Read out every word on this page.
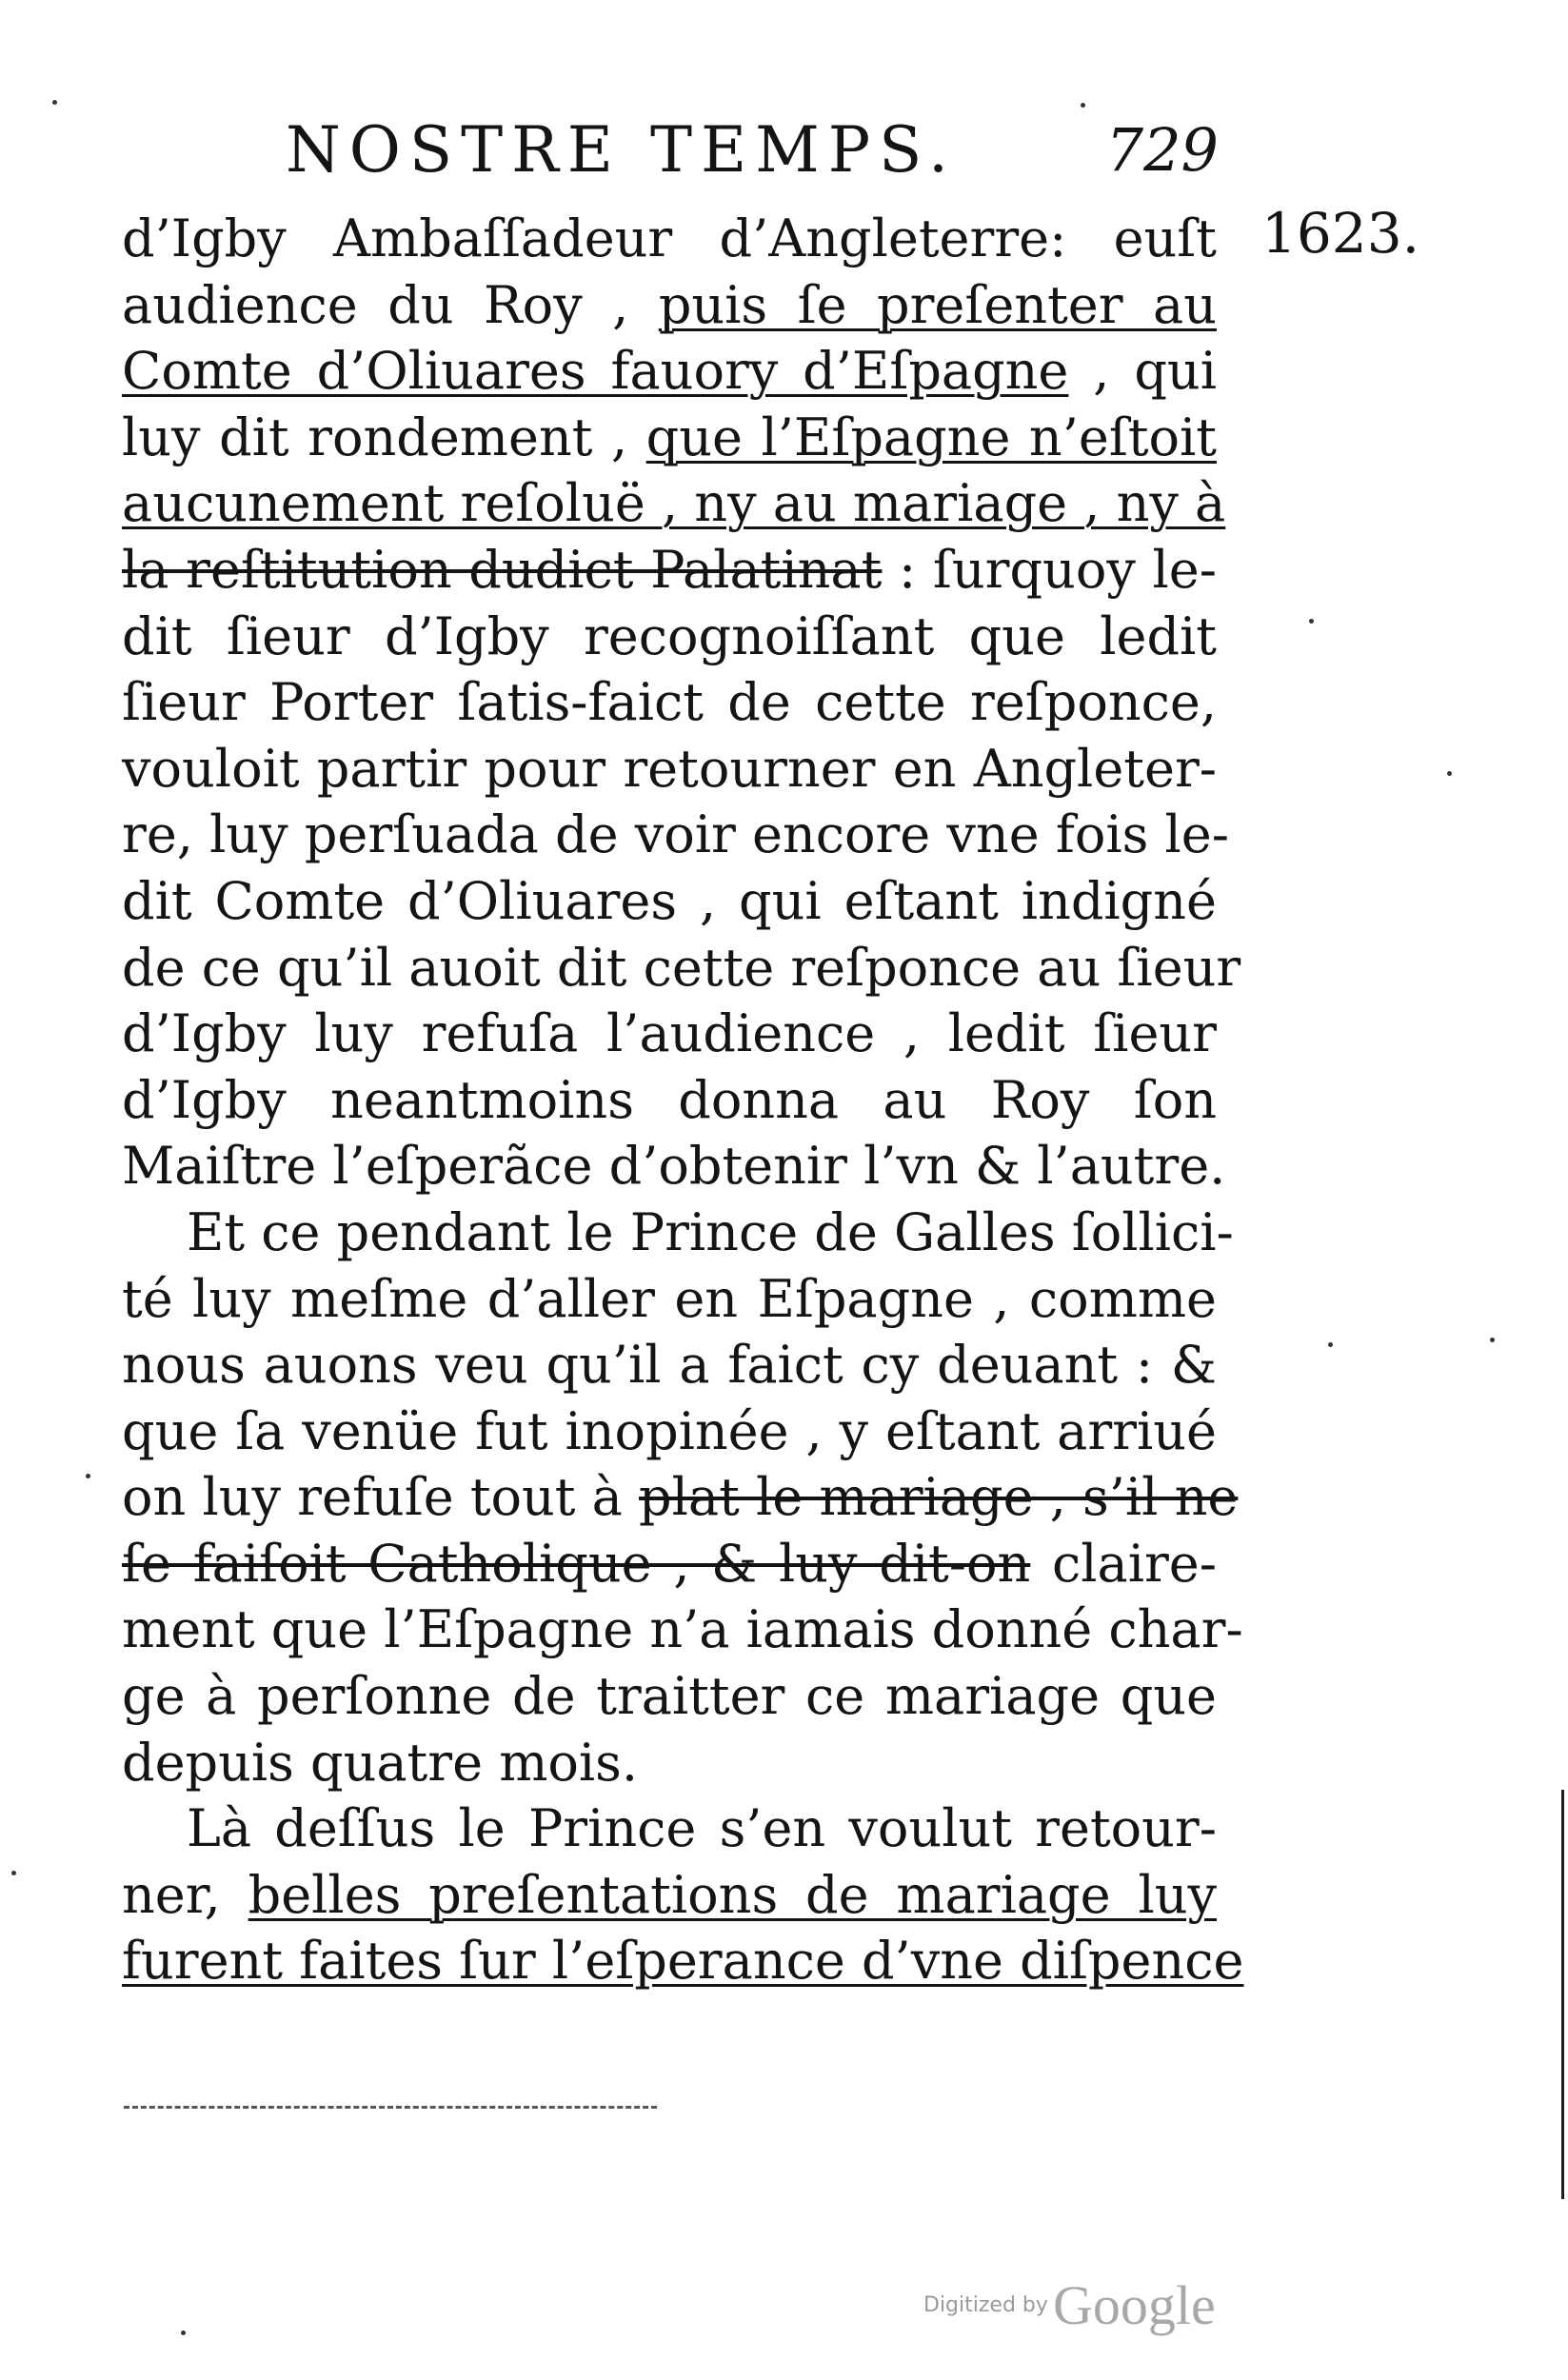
NOSTRE TEMPS.	729
1623.
d’Igby Ambaſſadeur d’Angleterre: euſt
audience du Roy , puis ſe preſenter au
Comte d’Oliuares fauory d’Eſpagne , qui
luy dit rondement , que l’Eſpagne n’eſtoit
aucunement reſoluë , ny au mariage , ny à
la reſtitution dudict Palatinat : ſurquoy le-
dit ſieur d’Igby recognoiſſant que ledit
ſieur Porter ſatis-faict de cette reſponce,
vouloit partir pour retourner en Angleter-
re, luy perſuada de voir encore vne fois le-
dit Comte d’Oliuares , qui eſtant indigné
de ce qu’il auoit dit cette reſponce au ſieur
d’Igby luy refuſa l’audience , ledit ſieur
d’Igby neantmoins donna au Roy ſon
Maiſtre l’eſperãce d’obtenir l’vn & l’autre.
Et ce pendant le Prince de Galles ſollici-
té luy meſme d’aller en Eſpagne , comme
nous auons veu qu’il a faict cy deuant : &
que ſa venüe fut inopinée , y eſtant arriué
on luy refuſe tout à plat le mariage , s’il ne
ſe faiſoit Catholique , & luy dit-on claire-
ment que l’Eſpagne n’a iamais donné char-
ge à perſonne de traitter ce mariage que
depuis quatre mois.
Là deſſus le Prince s’en voulut retour-
ner, belles preſentations de mariage luy
furent faites ſur l’eſperance d’vne diſpence
Digitized by Google
